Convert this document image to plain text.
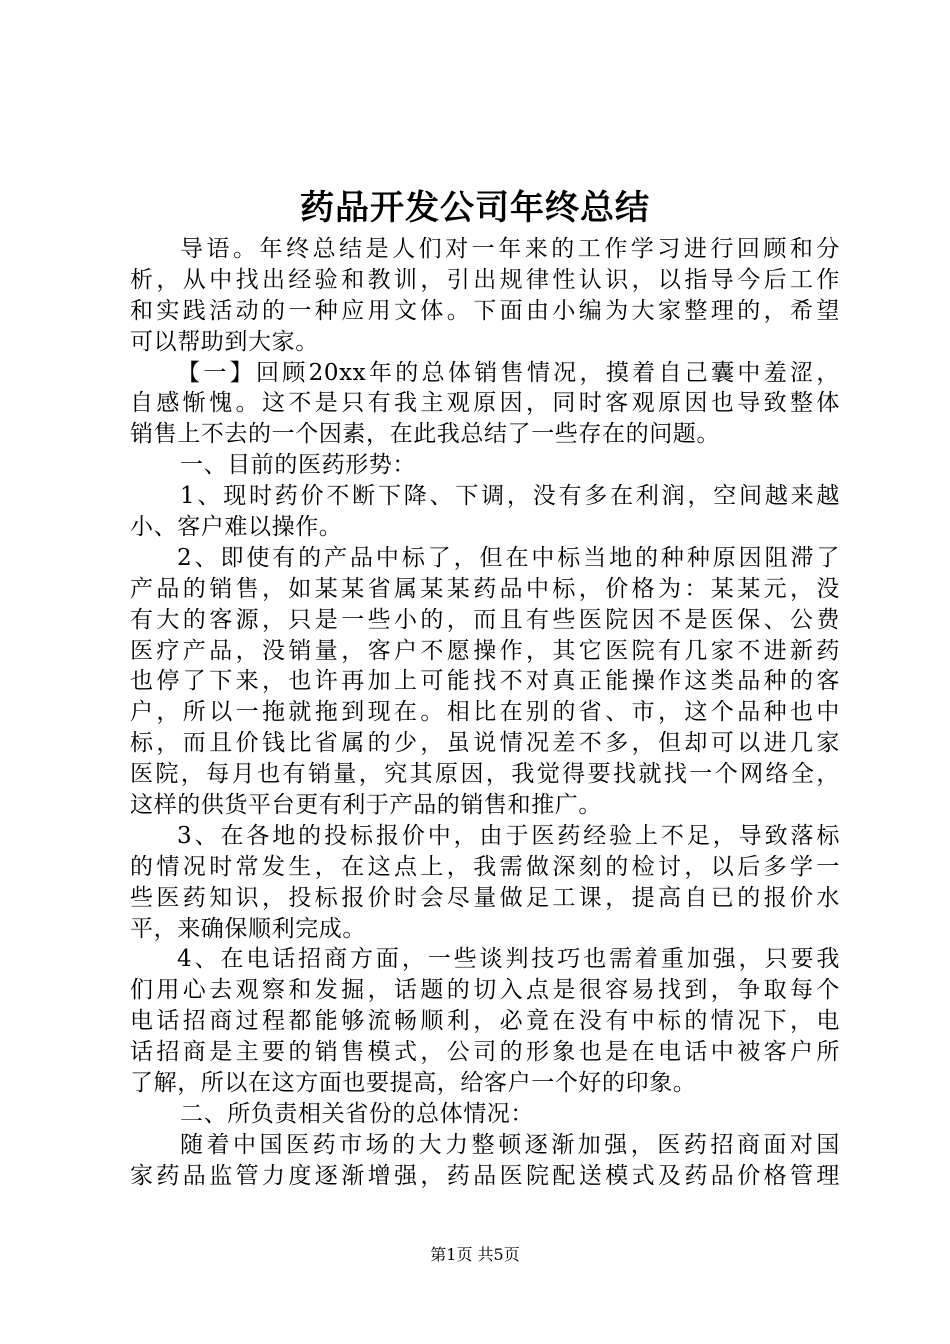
药品开发公司年终总结
导语。年终总结是人们对一年来的工作学习进行回顾和分
析，从中找出经验和教训，引出规律性认识，以指导今后工作
和实践活动的一种应用文体。下面由小编为大家整理的，希望
可以帮助到大家。
【一】回顾20xx年的总体销售情况，摸着自己囊中羞涩，
自感惭愧。这不是只有我主观原因，同时客观原因也导致整体
销售上不去的一个因素，在此我总结了一些存在的问题。
一、目前的医药形势：
1、现时药价不断下降、下调，没有多在利润，空间越来越
小、客户难以操作。
2、即使有的产品中标了，但在中标当地的种种原因阻滞了
产品的销售，如某某省属某某药品中标，价格为：某某元，没
有大的客源，只是一些小的，而且有些医院因不是医保、公费
医疗产品，没销量，客户不愿操作，其它医院有几家不进新药
也停了下来，也许再加上可能找不对真正能操作这类品种的客
户，所以一拖就拖到现在。相比在别的省、市，这个品种也中
标，而且价钱比省属的少，虽说情况差不多，但却可以进几家
医院，每月也有销量，究其原因，我觉得要找就找一个网络全，
这样的供货平台更有利于产品的销售和推广。
3、在各地的投标报价中，由于医药经验上不足，导致落标
的情况时常发生，在这点上，我需做深刻的检讨，以后多学一
些医药知识，投标报价时会尽量做足工课，提高自已的报价水
平，来确保顺利完成。
4、在电话招商方面，一些谈判技巧也需着重加强，只要我
们用心去观察和发掘，话题的切入点是很容易找到，争取每个
电话招商过程都能够流畅顺利，必竟在没有中标的情况下，电
话招商是主要的销售模式，公司的形象也是在电话中被客户所
了解，所以在这方面也要提高，给客户一个好的印象。
二、所负责相关省份的总体情况：
随着中国医药市场的大力整顿逐渐加强，医药招商面对国
家药品监管力度逐渐增强，药品医院配送模式及药品价格管理
第1页 共5页
